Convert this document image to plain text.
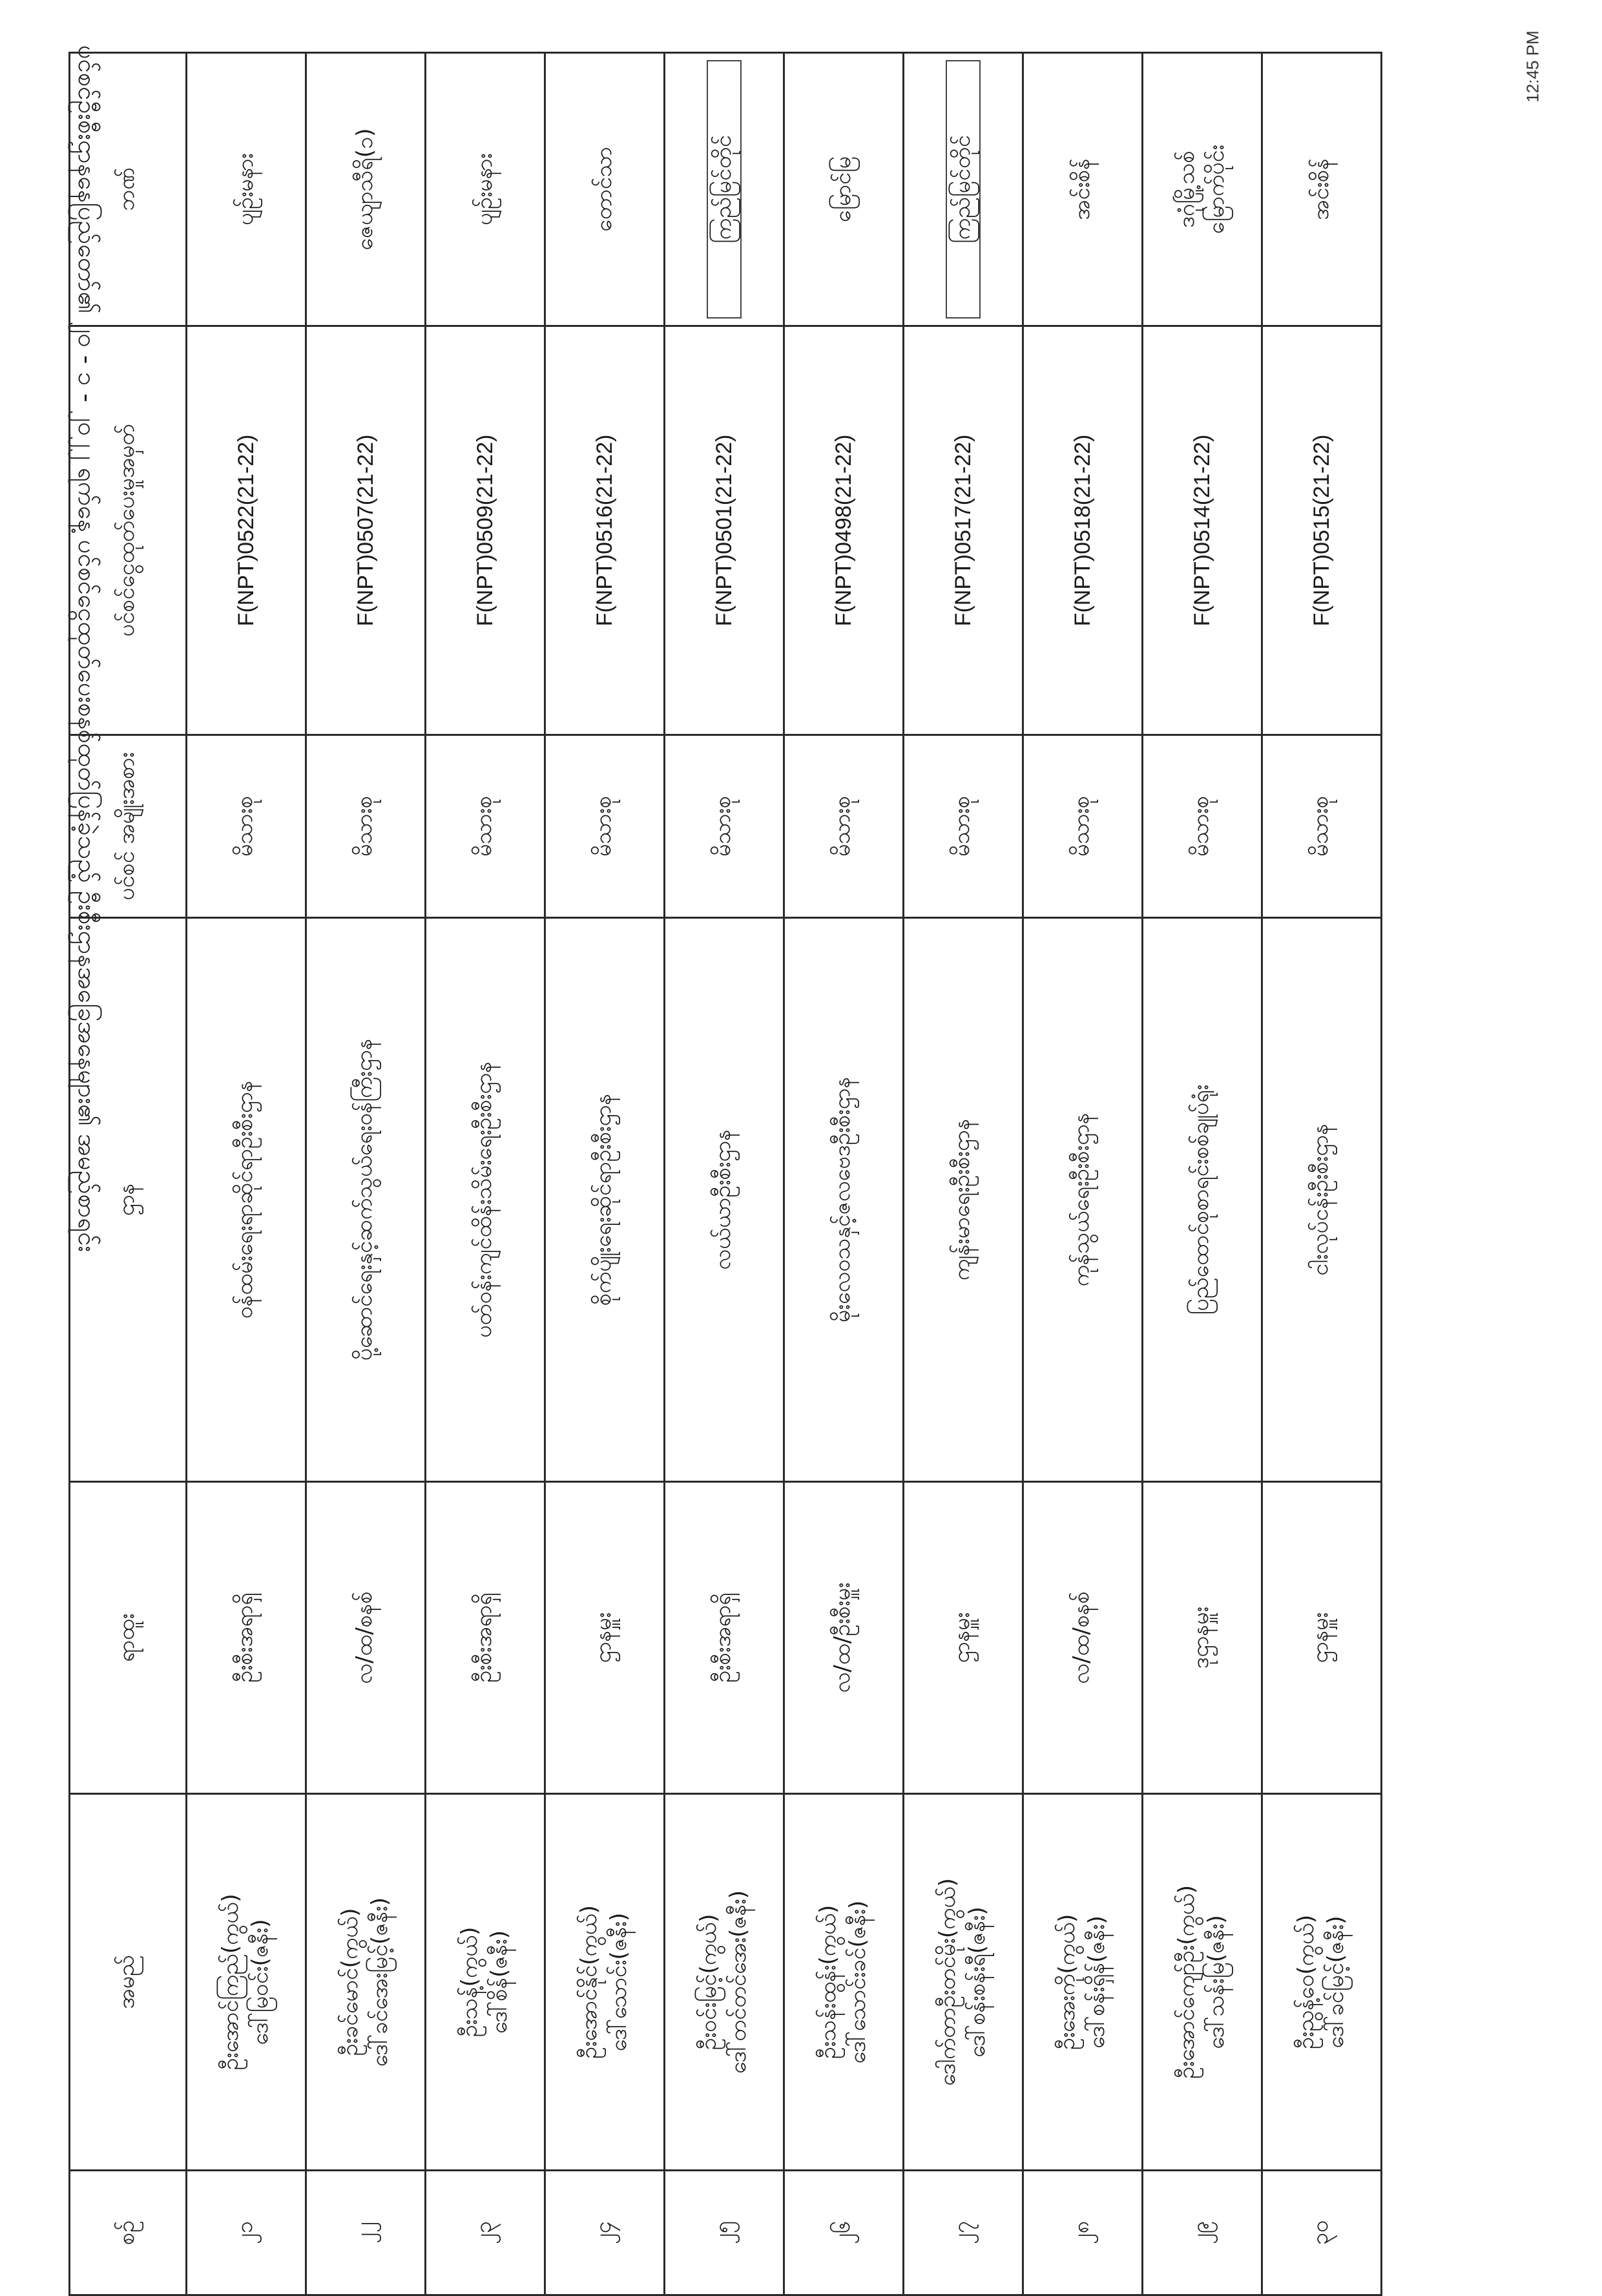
12:45 PM
ပင်စင်ဦးစီးဌာနနေပြည်တော်၏ ၂၀ - ၁ - ၂၀၂၂ ရက်နေ့ ပင်စင်ငွေထုတ်ပေးစနစ်ထုတ်ပြန်ခဲ့သည့် ဦးစီးဌာနအခြေအနေများ၏ အမည်စာရင်း
စဉ်	အမည်	ရာထူး	ဌာန	ပင်စင် အမျိုးအစား	ပင်စင်ငွေထုတ်ပေးမှုအမှတ်	ဘဏ်
၂၁	ဦးအောင်ကြည်(ကွယ်) ဒေါ်မြဝင်း(ဇနီး)	ဦးစီးအရာရှိ	ဝန်ထမ်းရေးရာဆိုင်ရာဦးစီးဌာန	မိသားစု	F(NPT)0522(21-22)	ပျဉ်းမနား

၂၂	ဦးခင်မောင်(ကွယ်) ဒေါ်ခင်အေးမြင့်(ဇနီး)	လ/ထ/စနစ်	ပို့ဆောင်ရေးနှင့်ဆက်သွယ်ရေးဝန်ကြီးဌာန	မိသားစု	F(NPT)0507(21-22)	ဇေယျာသီရိ(၁)

၂၃	ဦးသန့်(ကွယ်) ဒေါ်စိန်(ဇနီး)	ဦးစီးအရာရှိ	ပတ်ဝန်းကျင်ထိန်းသိမ်းရေးဦးစီးဌာန	မိသားစု	F(NPT)0509(21-22)	ပျဉ်းမနား

၂၄	ဦးအောင်နိုင်(ကွယ်) ဒေါ်သောင်း(ဇနီး)	ဌာနမှူး	စိုက်ပျိုးရေးဆိုင်ရာဦးစီးဌာန	မိသားစု	F(NPT)0516(21-22)	တောင်သာ

၂၅	ဦးဝင်းမြင့်(ကွယ်) ဒေါ်တင်တင်အေး(ဇနီး)	ဦးစီးအရာရှိ	လယ်ယာဦးစီးဌာန	မိသားစု	F(NPT)0501(21-22)	ကြည်မြင်တိုင်

၂၆	ဦးသန်းထွန်း(ကွယ်) ဒေါ်သောင်းခင်(ဇနီး)	လ/ထ/ဦးစီးမှူး	မိုးလေဝသနှင့်ဇလဗေဒဦးစီးဌာန	မိသားစု	F(NPT)0498(21-22)	မြောင်မြ

၂၇	ဒေါက်တာဦးတင်မိုး(ကွယ်) ဒေါ်စန်းစန်းရီ(ဇနီး)	ဌာနမှူး	ကျန်းမာရေးဦးစီးဌာန	မိသားစု	F(NPT)0517(21-22)	ကြည်မြင်တိုင်

၂၈	ဦးအေးကို(ကွယ်) ဒေါ်စန်းရှိန်(ဇနီး)	လ/ထ/စနစ်	ကုန်သွယ်ရေးဦးစီးဌာန	မိသားစု	F(NPT)0518(21-22)	အင်းစိန်

၂၉	ဦးအောင်ကျော်ဦး(ကွယ်) ဒေါ်သန်းမြ(ဇနီး)	ဒုဌာနမှူး	ပြည်ထောင်စုစာရင်းစစ်ချုပ်ရုံး	မိသားစု	F(NPT)0514(21-22)	ဒဂုံမြို့သစ် မြောက်ပိုင်း

၃၀	ဦးညွန့်ဝေ(ကွယ်) ဒေါ်ခင်မြင့်(ဇနီး)	ဌာနမှူး	ငါးလုပ်ငန်းဦးစီးဌာန	မိသားစု	F(NPT)0515(21-22)	အင်းစိန်
